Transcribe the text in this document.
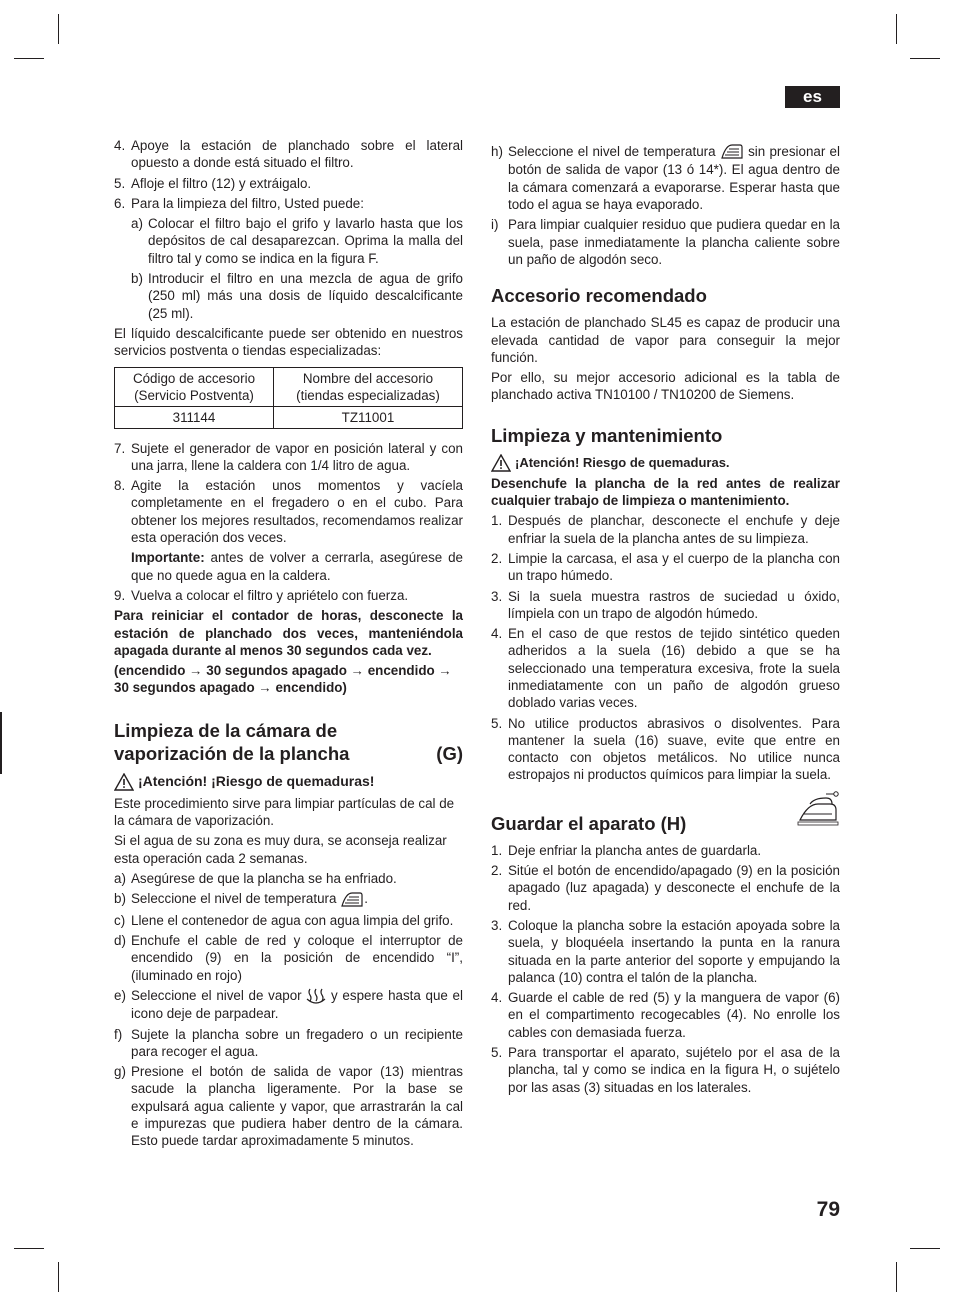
es
4. Apoye la estación de planchado sobre el lateral opuesto a donde está situado el filtro.
5. Afloje el filtro (12) y extráigalo.
6. Para la limpieza del filtro, Usted puede:
a) Colocar el filtro bajo el grifo y lavarlo hasta que los depósitos de cal desaparezcan. Oprima la malla del filtro tal y como se indica en la figura F.
b) Introducir el filtro en una mezcla de agua de grifo (250 ml) más una dosis de líquido descalcificante (25 ml).

El líquido descalcificante puede ser obtenido en nuestros servicios postventa o tiendas especializadas:

Código de accesorio (Servicio Postventa)	Nombre del accesorio (tiendas especializadas)
311144	TZ11001
7. Sujete el generador de vapor en posición lateral y con una jarra, llene la caldera con 1/4 litro de agua.
8. Agite la estación unos momentos y vacíela completamente en el fregadero o en el cubo. Para obtener los mejores resultados, recomendamos realizar esta operación dos veces.
Importante: antes de volver a cerrarla, asegúrese de que no quede agua en la caldera.
9. Vuelva a colocar el filtro y apriételo con fuerza.

Para reiniciar el contador de horas, desconecte la estación de planchado dos veces, manteniéndola apagada durante al menos 30 segundos cada vez.

(encendido → 30 segundos apagado → encendido → 30 segundos apagado → encendido)

Limpieza de la cámara de
vaporización de la plancha	(G)
¡Atención! ¡Riesgo de quemaduras!

Este procedimiento sirve para limpiar partículas de cal de la cámara de vaporización.

Si el agua de su zona es muy dura, se aconseja realizar esta operación cada 2 semanas.

a) Asegúrese de que la plancha se ha enfriado.
b) Seleccione el nivel de temperatura .
c) Llene el contenedor de agua con agua limpia del grifo.
d) Enchufe el cable de red y coloque el interruptor de encendido (9) en la posición de encendido “I”, (iluminado en rojo)
e) Seleccione el nivel de vapor y espere hasta que el icono deje de parpadear.
f) Sujete la plancha sobre un fregadero o un recipiente para recoger el agua.
g) Presione el botón de salida de vapor (13) mientras sacude la plancha ligeramente. Por la base se expulsará agua caliente y vapor, que arrastrarán la cal e impurezas que pudiera haber dentro de la cámara. Esto puede tardar aproximadamente 5 minutos.
h) Seleccione el nivel de temperatura sin presionar el botón de salida de vapor (13 ó 14*). El agua dentro de la cámara comenzará a evaporarse. Esperar hasta que todo el agua se haya evaporado.
i) Para limpiar cualquier residuo que pudiera quedar en la suela, pase inmediatamente la plancha caliente sobre un paño de algodón seco.
Accesorio recomendado

La estación de planchado SL45 es capaz de producir una elevada cantidad de vapor para conseguir la mejor función.

Por ello, su mejor accesorio adicional es la tabla de planchado activa TN10100 / TN10200 de Siemens.

Limpieza y mantenimiento
¡Atención! Riesgo de quemaduras.

Desenchufe la plancha de la red antes de realizar cualquier trabajo de limpieza o mantenimiento.

1. Después de planchar, desconecte el enchufe y deje enfriar la suela de la plancha antes de su limpieza.
2. Limpie la carcasa, el asa y el cuerpo de la plancha con un trapo húmedo.
3. Si la suela muestra rastros de suciedad u óxido, límpiela con un trapo de algodón húmedo.
4. En el caso de que restos de tejido sintético queden adheridos a la suela (16) debido a que se ha seleccionado una temperatura excesiva, frote la suela inmediatamente con un paño de algodón grueso doblado varias veces.
5. No utilice productos abrasivos o disolventes. Para mantener la suela (16) suave, evite que entre en contacto con objetos metálicos. No utilice nunca estropajos ni productos químicos para limpiar la suela.
Guardar el aparato (H)
1. Deje enfriar la plancha antes de guardarla.
2. Sitúe el botón de encendido/apagado (9) en la posición apagado (luz apagada) y desconecte el enchufe de la red.
3. Coloque la plancha sobre la estación apoyada sobre la suela, y bloquéela insertando la punta en la ranura situada en la parte anterior del soporte y empujando la palanca (10) contra el talón de la plancha.
4. Guarde el cable de red (5) y la manguera de vapor (6) en el compartimento recogecables (4). No enrolle los cables con demasiada fuerza.
5. Para transportar el aparato, sujételo por el asa de la plancha, tal y como se indica en la figura H, o sujételo por las asas (3) situadas en los laterales.
79
